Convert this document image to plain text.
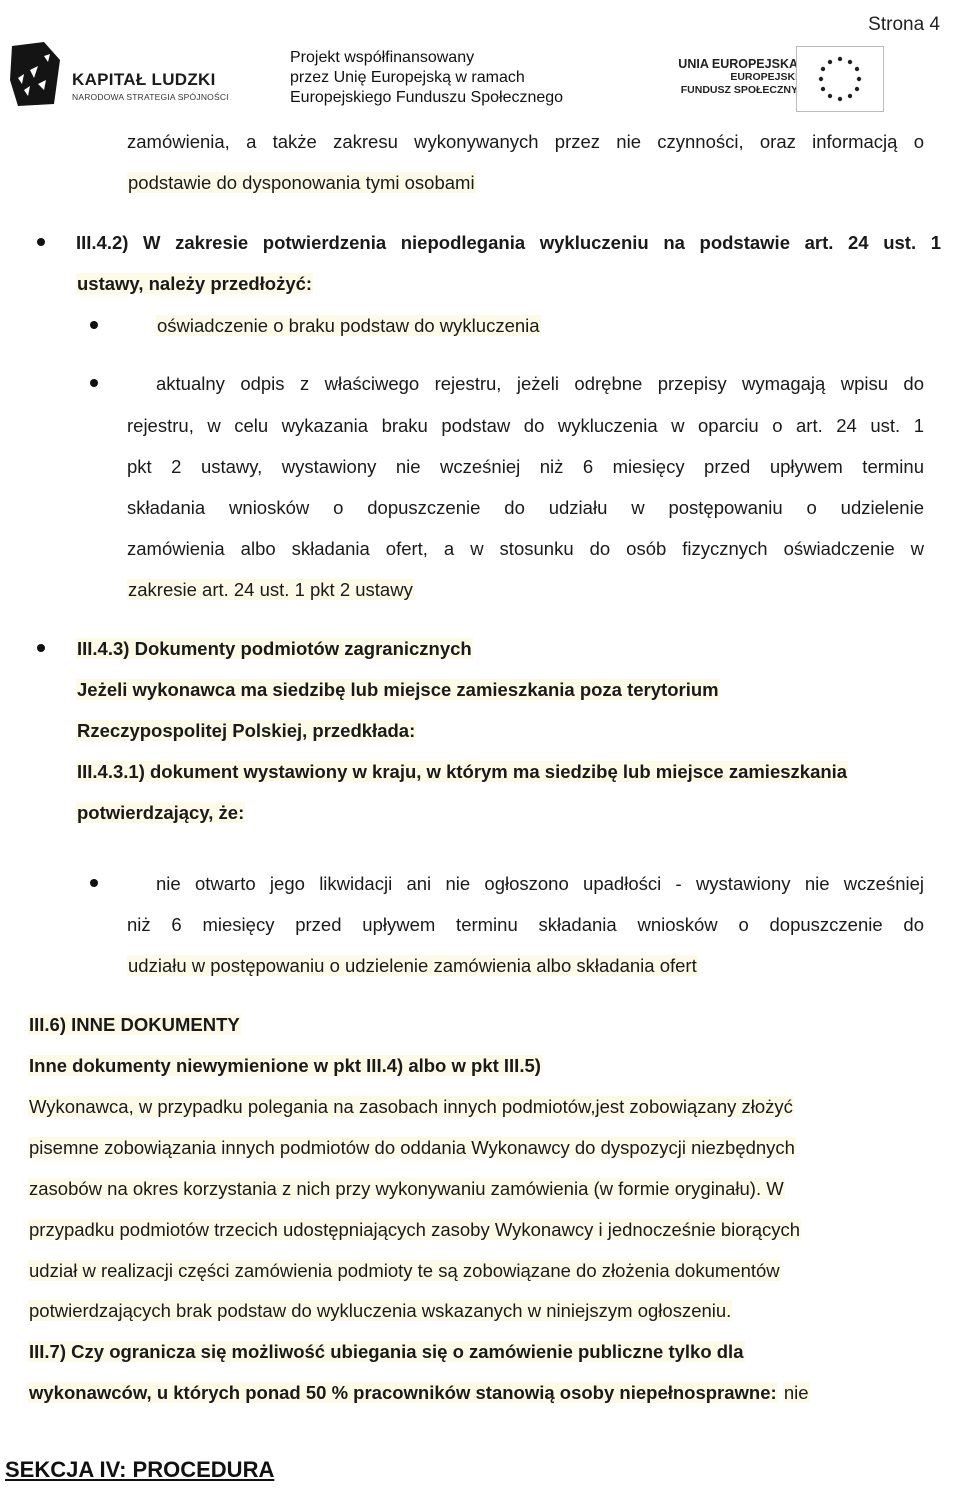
Strona 4
KAPITAŁ LUDZKI
NARODOWA STRATEGIA SPÓJNOŚCI
Projekt współfinansowany
przez Unię Europejską w ramach
Europejskiego Funduszu Społecznego
UNIA EUROPEJSKA
EUROPEJSKI
FUNDUSZ SPOŁECZNY
zamówienia, a także zakresu wykonywanych przez nie czynności, oraz informacją o
podstawie do dysponowania tymi osobami
III.4.2) W zakresie potwierdzenia niepodlegania wykluczeniu na podstawie art. 24 ust. 1
ustawy, należy przedłożyć:
oświadczenie o braku podstaw do wykluczenia
aktualny odpis z właściwego rejestru, jeżeli odrębne przepisy wymagają wpisu do
rejestru, w celu wykazania braku podstaw do wykluczenia w oparciu o art. 24 ust. 1
pkt 2 ustawy, wystawiony nie wcześniej niż 6 miesięcy przed upływem terminu
składania wniosków o dopuszczenie do udziału w postępowaniu o udzielenie
zamówienia albo składania ofert, a w stosunku do osób fizycznych oświadczenie w
zakresie art. 24 ust. 1 pkt 2 ustawy
III.4.3) Dokumenty podmiotów zagranicznych
Jeżeli wykonawca ma siedzibę lub miejsce zamieszkania poza terytorium
Rzeczypospolitej Polskiej, przedkłada:
III.4.3.1) dokument wystawiony w kraju, w którym ma siedzibę lub miejsce zamieszkania
potwierdzający, że:
nie otwarto jego likwidacji ani nie ogłoszono upadłości - wystawiony nie wcześniej
niż 6 miesięcy przed upływem terminu składania wniosków o dopuszczenie do
udziału w postępowaniu o udzielenie zamówienia albo składania ofert
III.6) INNE DOKUMENTY
Inne dokumenty niewymienione w pkt III.4) albo w pkt III.5)
Wykonawca, w przypadku polegania na zasobach innych podmiotów,jest zobowiązany złożyć
pisemne zobowiązania innych podmiotów do oddania Wykonawcy do dyspozycji niezbędnych
zasobów na okres korzystania z nich przy wykonywaniu zamówienia (w formie oryginału). W
przypadku podmiotów trzecich udostępniających zasoby Wykonawcy i jednocześnie biorących
udział w realizacji części zamówienia podmioty te są zobowiązane do złożenia dokumentów
potwierdzających brak podstaw do wykluczenia wskazanych w niniejszym ogłoszeniu.
III.7) Czy ogranicza się możliwość ubiegania się o zamówienie publiczne tylko dla
wykonawców, u których ponad 50 % pracowników stanowią osoby niepełnosprawne: nie
SEKCJA IV: PROCEDURA
